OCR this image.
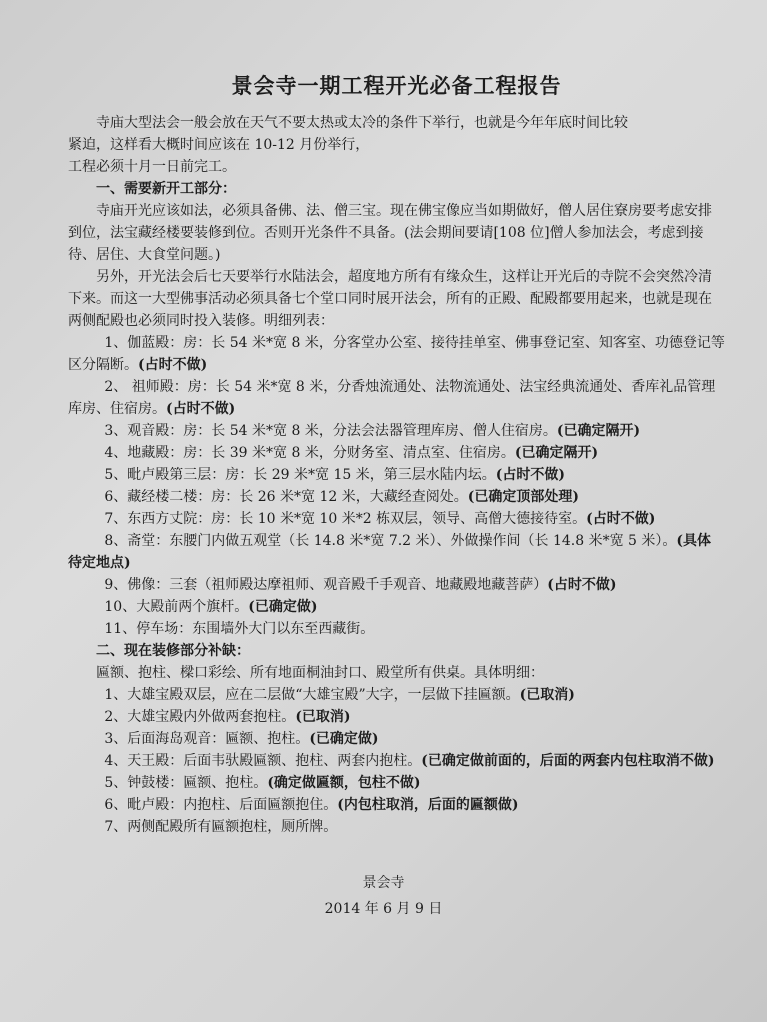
景会寺一期工程开光必备工程报告

寺庙大型法会一般会放在天气不要太热或太冷的条件下举行，也就是今年年底时间比较

紧迫，这样看大概时间应该在 10-12 月份举行，

工程必须十月一日前完工。

一、需要新开工部分：

寺庙开光应该如法，必须具备佛、法、僧三宝。现在佛宝像应当如期做好，僧人居住寮房要考虑安排到位，法宝藏经楼要装修到位。否则开光条件不具备。(法会期间要请[108 位]僧人参加法会，考虑到接待、居住、大食堂问题。)

另外，开光法会后七天要举行水陆法会，超度地方所有有缘众生，这样让开光后的寺院不会突然冷清下来。而这一大型佛事活动必须具备七个堂口同时展开法会，所有的正殿、配殿都要用起来，也就是现在两侧配殿也必须同时投入装修。明细列表：

1、伽蓝殿：房：长 54 米*宽 8 米，分客堂办公室、接待挂单室、佛事登记室、知客室、功德登记等区分隔断。(占时不做)

2、 祖师殿：房：长 54 米*宽 8 米，分香烛流通处、法物流通处、法宝经典流通处、香库礼品管理库房、住宿房。(占时不做)

3、观音殿：房：长 54 米*宽 8 米，分法会法器管理库房、僧人住宿房。(已确定隔开)

4、地藏殿：房：长 39 米*宽 8 米，分财务室、清点室、住宿房。(已确定隔开)

5、毗卢殿第三层：房：长 29 米*宽 15 米，第三层水陆内坛。(占时不做)

6、藏经楼二楼：房：长 26 米*宽 12 米，大藏经查阅处。(已确定顶部处理)

7、东西方丈院：房：长 10 米*宽 10 米*2 栋双层，领导、高僧大德接待室。(占时不做)

8、斋堂：东腰门内做五观堂（长 14.8 米*宽 7.2 米）、外做操作间（长 14.8 米*宽 5 米）。(具体待定地点)

9、佛像：三套（祖师殿达摩祖师、观音殿千手观音、地藏殿地藏菩萨）(占时不做)

10、大殿前两个旗杆。(已确定做)

11、停车场：东围墙外大门以东至西藏街。

二、现在装修部分补缺：

匾额、抱柱、樑口彩绘、所有地面桐油封口、殿堂所有供桌。具体明细：

1、大雄宝殿双层，应在二层做“大雄宝殿”大字，一层做下挂匾额。(已取消)

2、大雄宝殿内外做两套抱柱。(已取消)

3、后面海岛观音：匾额、抱柱。(已确定做)

4、天王殿：后面韦驮殿匾额、抱柱、两套内抱柱。(已确定做前面的，后面的两套内包柱取消不做)

5、钟鼓楼：匾额、抱柱。(确定做匾额，包柱不做)

6、毗卢殿：内抱柱、后面匾额抱住。(内包柱取消，后面的匾额做)

7、两侧配殿所有匾额抱柱，厕所牌。

景会寺
2014 年 6 月 9 日
